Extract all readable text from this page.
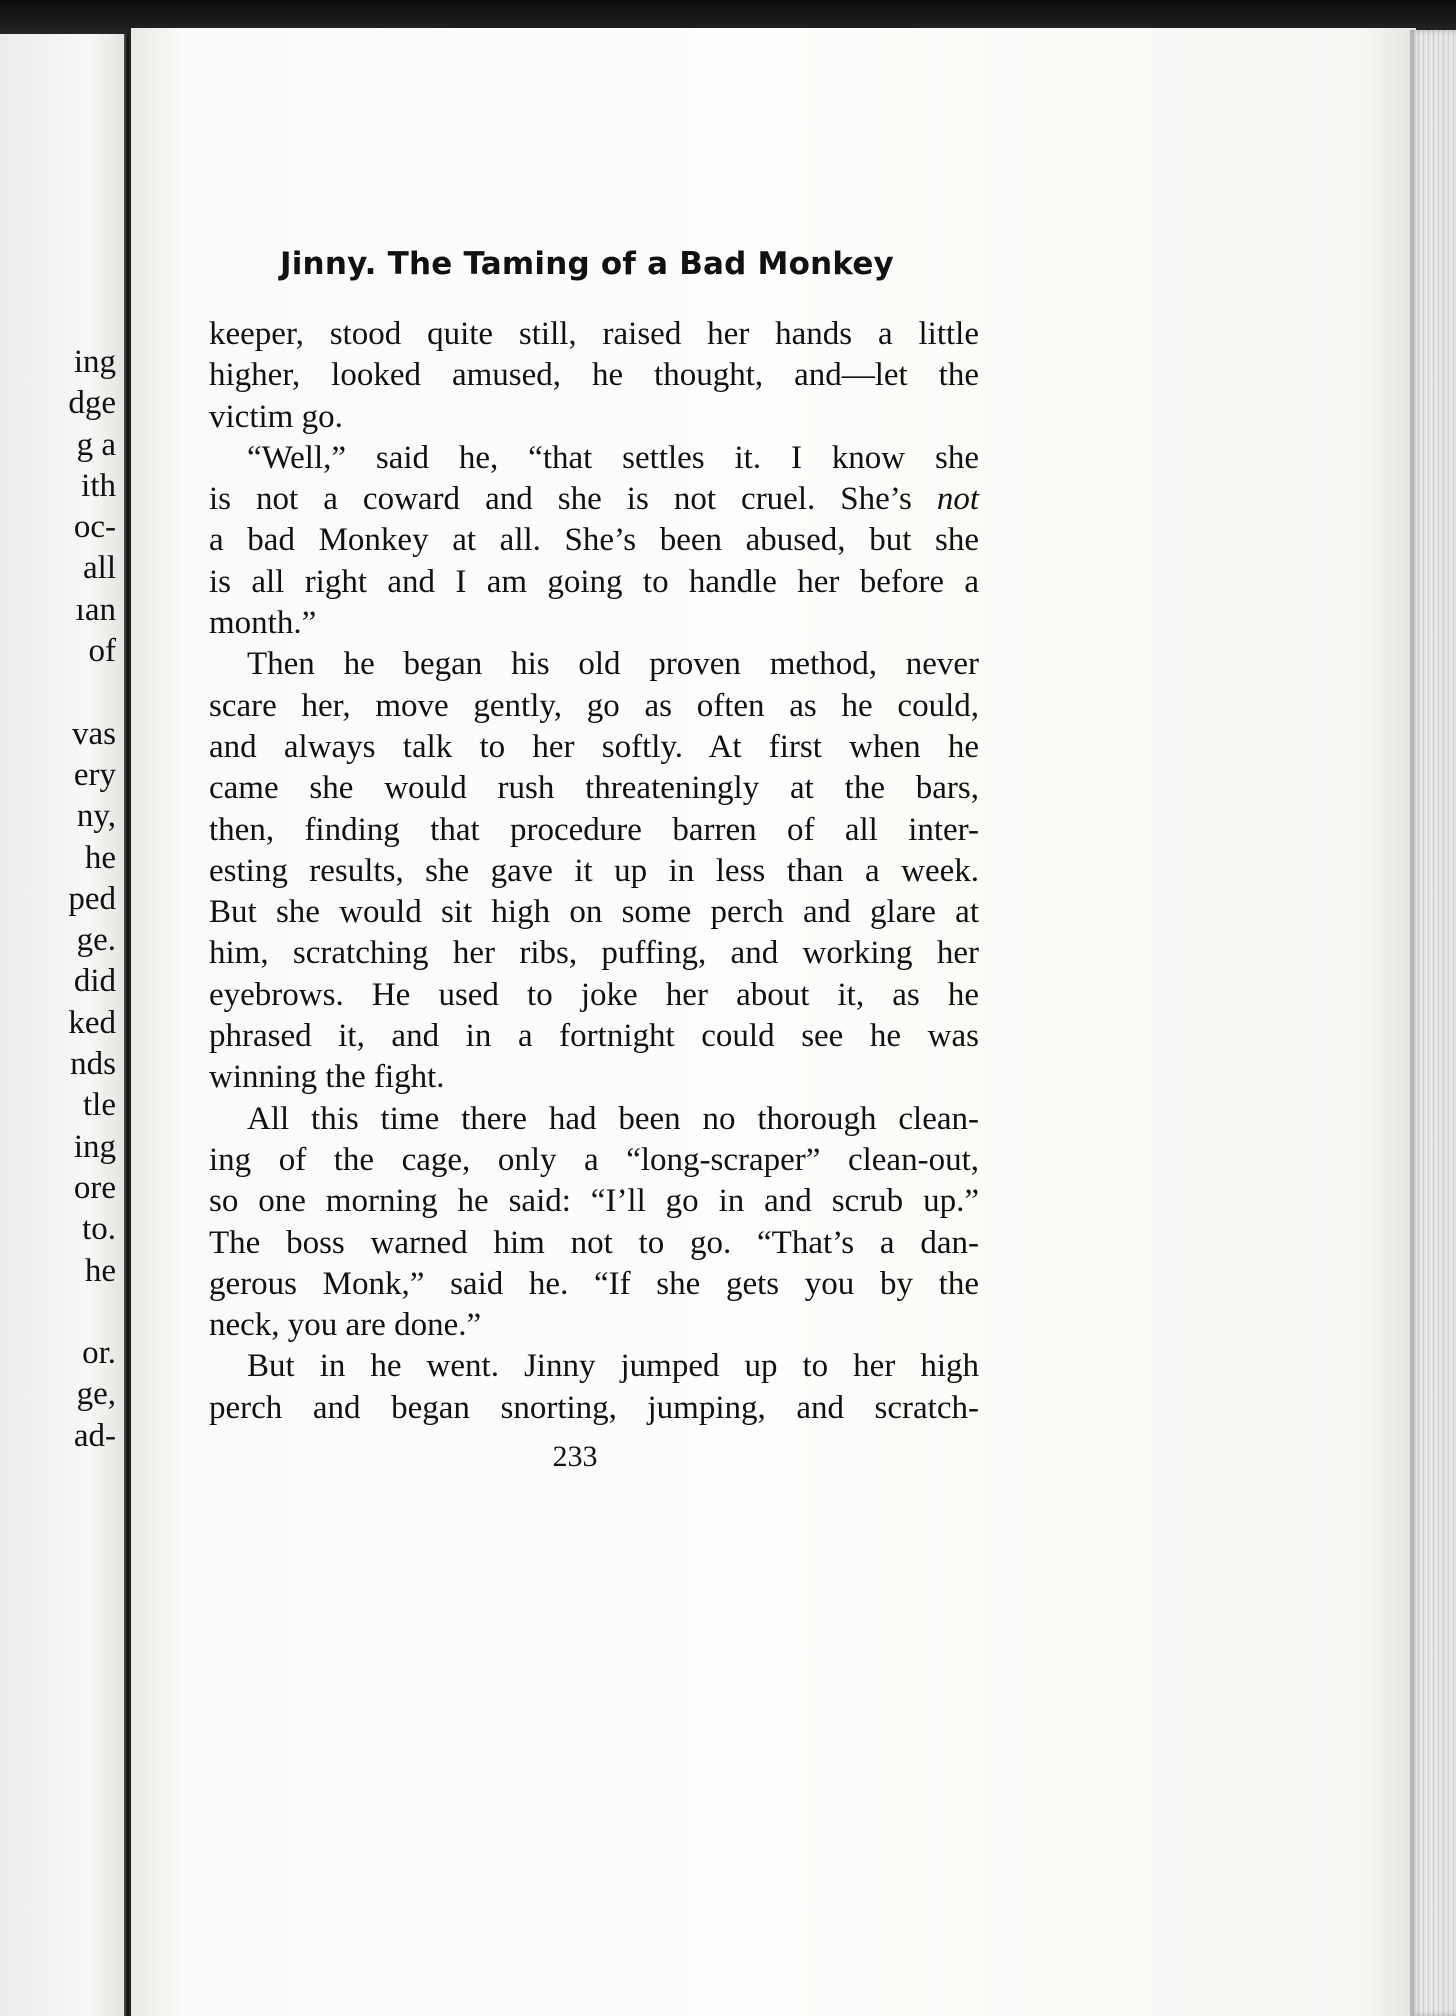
ing
dge
g a
ith
oc-
all
ıan
of
vas
ery
ny,
he
ped
ge.
did
ked
nds
tle
ing
ore
to.
he
or.
ge,
ad-
Jinny. The Taming of a Bad Monkey
keeper, stood quite still, raised her hands a little
higher, looked amused, he thought, and—let the
victim go.
“Well,” said he, “that settles it. I know she
is not a coward and she is not cruel. She’s not
a bad Monkey at all. She’s been abused, but she
is all right and I am going to handle her before a
month.”
Then he began his old proven method, never
scare her, move gently, go as often as he could,
and always talk to her softly. At first when he
came she would rush threateningly at the bars,
then, finding that procedure barren of all inter-
esting results, she gave it up in less than a week.
But she would sit high on some perch and glare at
him, scratching her ribs, puffing, and working her
eyebrows. He used to joke her about it, as he
phrased it, and in a fortnight could see he was
winning the fight.
All this time there had been no thorough clean-
ing of the cage, only a “long-scraper” clean-out,
so one morning he said: “I’ll go in and scrub up.”
The boss warned him not to go. “That’s a dan-
gerous Monk,” said he. “If she gets you by the
neck, you are done.”
But in he went. Jinny jumped up to her high
perch and began snorting, jumping, and scratch-
233
